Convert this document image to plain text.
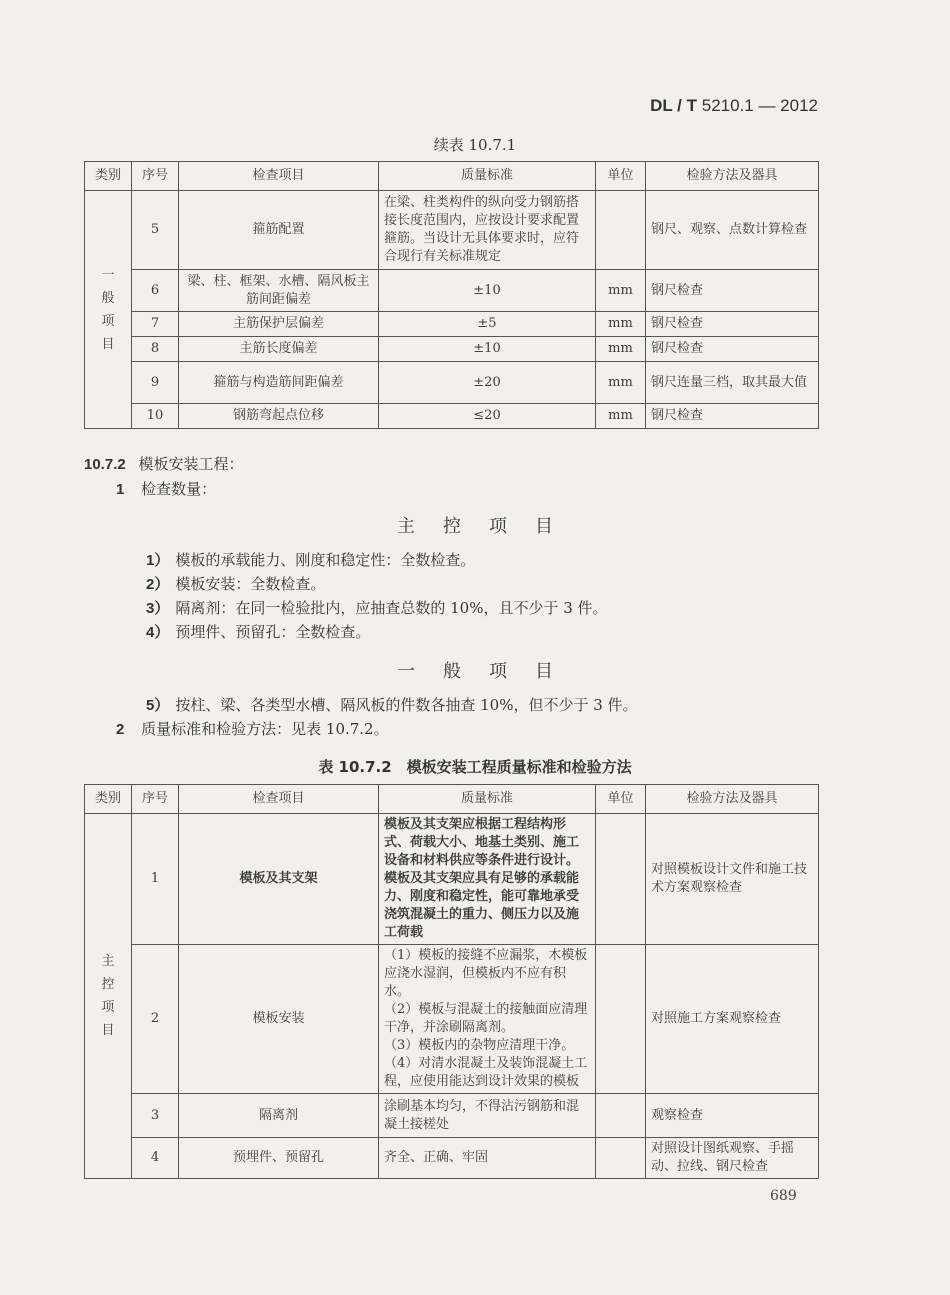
DL / T 5210.1 — 2012
续表 10.7.1
类别	序号	检查项目	质量标准	单位	检验方法及器具

一
般
项
目	5	箍筋配置	在梁、柱类构件的纵向受力钢筋搭接长度范围内，应按设计要求配置箍筋。当设计无具体要求时，应符合现行有关标准规定		钢尺、观察、点数计算检查
	6	梁、柱、框架、水槽、隔风板主筋间距偏差	±10	mm	钢尺检查
	7	主筋保护层偏差	±5	mm	钢尺检查
	8	主筋长度偏差	±10	mm	钢尺检查
	9	箍筋与构造筋间距偏差	±20	mm	钢尺连量三档，取其最大值
	10	钢筋弯起点位移	≤20	mm	钢尺检查
10.7.2 模板安装工程：
1 检查数量：
主 控 项 目
1） 模板的承载能力、刚度和稳定性：全数检查。
2） 模板安装：全数检查。
3） 隔离剂：在同一检验批内，应抽查总数的 10%，且不少于 3 件。
4） 预埋件、预留孔：全数检查。
一 般 项 目
5） 按柱、梁、各类型水槽、隔风板的件数各抽查 10%，但不少于 3 件。
2 质量标准和检验方法：见表 10.7.2。
表 10.7.2　模板安装工程质量标准和检验方法
类别	序号	检查项目	质量标准	单位	检验方法及器具

主
控
项
目	1	模板及其支架	模板及其支架应根据工程结构形式、荷载大小、地基土类别、施工设备和材料供应等条件进行设计。模板及其支架应具有足够的承载能力、刚度和稳定性，能可靠地承受浇筑混凝土的重力、侧压力以及施工荷载		对照模板设计文件和施工技术方案观察检查
	2	模板安装	（1）模板的接缝不应漏浆，木模板应浇水湿润，但模板内不应有积水。
（2）模板与混凝土的接触面应清理干净，并涂刷隔离剂。
（3）模板内的杂物应清理干净。
（4）对清水混凝土及装饰混凝土工程，应使用能达到设计效果的模板		对照施工方案观察检查
	3	隔离剂	涂刷基本均匀，不得沾污钢筋和混凝土接槎处		观察检查
	4	预埋件、预留孔	齐全、正确、牢固		对照设计图纸观察、手摇动、拉线、钢尺检查
689
